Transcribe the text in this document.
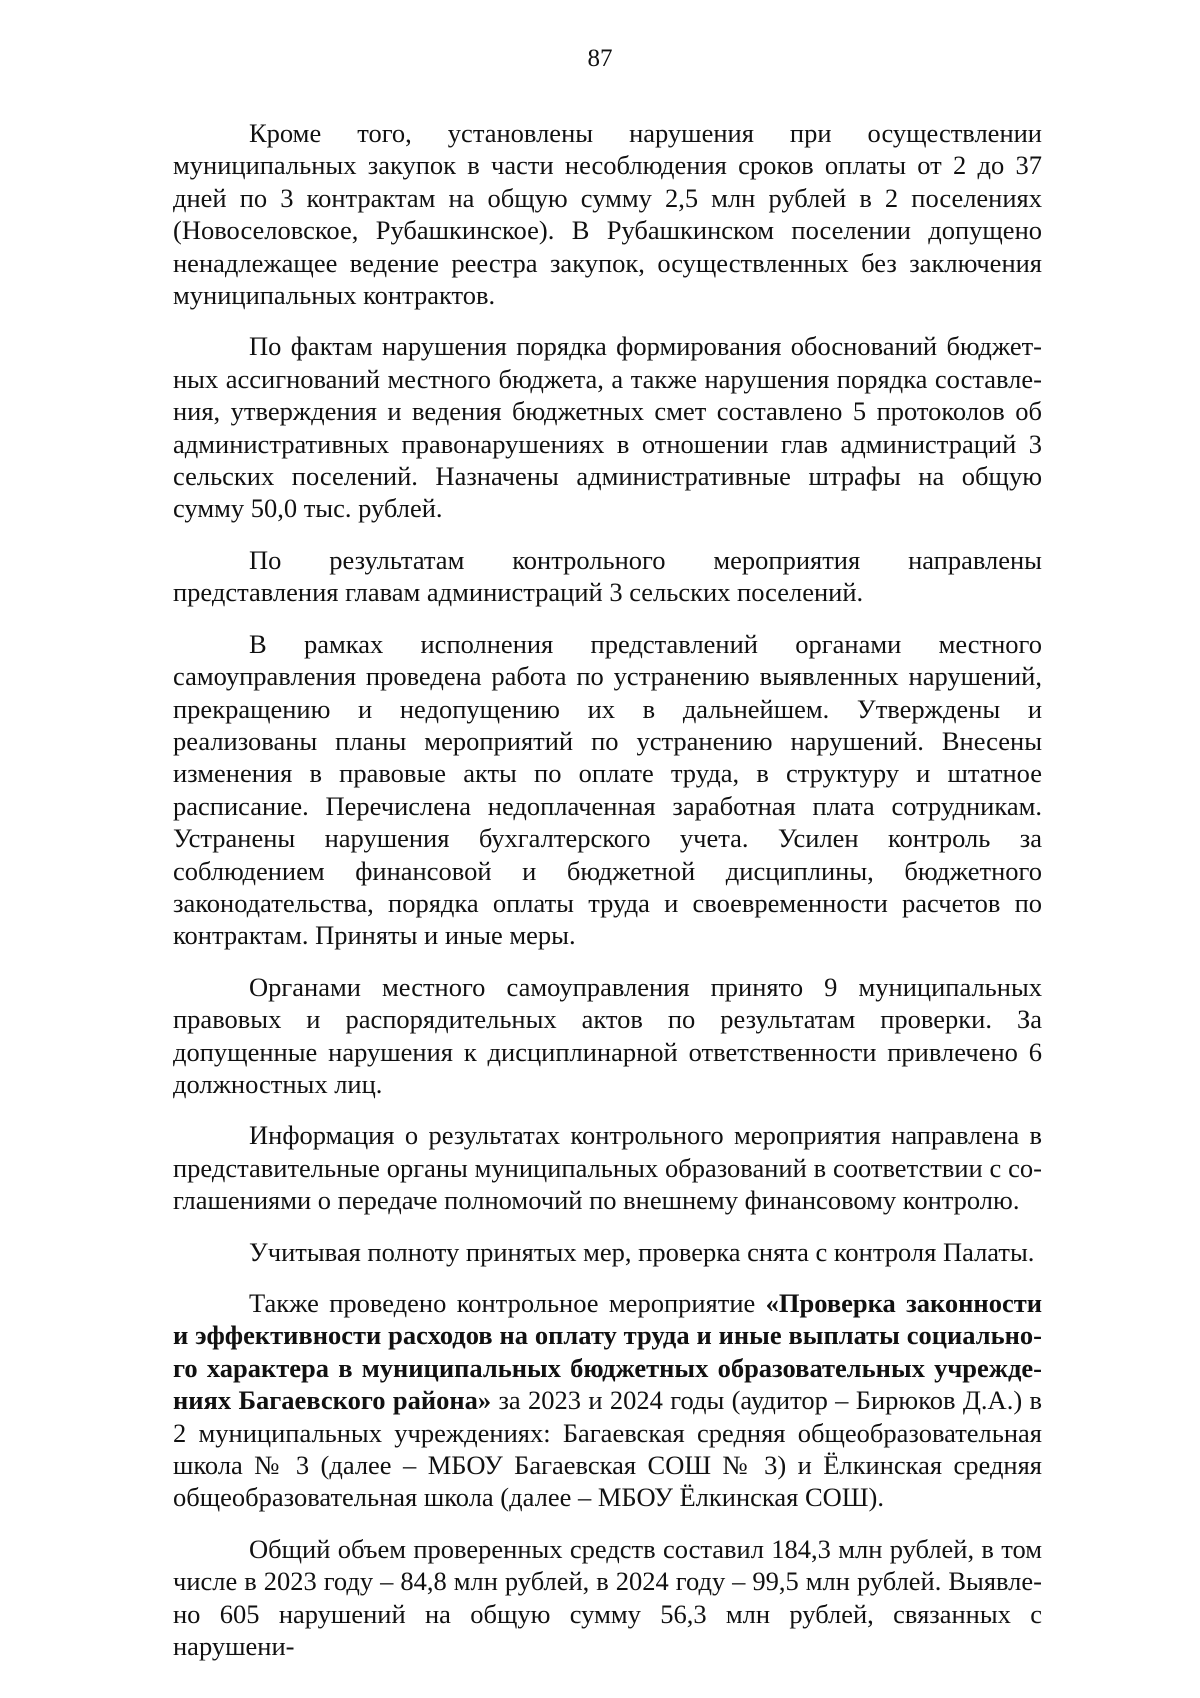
87

Кроме того, установлены нарушения при осуществлении муниципальных закупок в части несоблюдения сроков оплаты от 2 до 37 дней по 3 контрактам на общую сумму 2,5 млн рублей в 2 поселениях (Новоселовское, Рубашкинское). В Рубашкинском поселении допущено ненадлежащее ведение реестра закупок, осуществленных без заключения муниципальных контрактов.

По фактам нарушения порядка формирования обоснований бюджетных ассигнований местного бюджета, а также нарушения порядка составления, утверждения и ведения бюджетных смет составлено 5 протоколов об административных правонарушениях в отношении глав администраций 3 сельских поселений. Назначены административные штрафы на общую сумму 50,0 тыс. рублей.

По результатам контрольного мероприятия направлены представления главам администраций 3 сельских поселений.

В рамках исполнения представлений органами местного самоуправления проведена работа по устранению выявленных нарушений, прекращению и недопущению их в дальнейшем. Утверждены и реализованы планы мероприятий по устранению нарушений. Внесены изменения в правовые акты по оплате труда, в структуру и штатное расписание. Перечислена недоплаченная заработная плата сотрудникам. Устранены нарушения бухгалтерского учета. Усилен контроль за соблюдением финансовой и бюджетной дисциплины, бюджетного законодательства, порядка оплаты труда и своевременности расчетов по контрактам. Приняты и иные меры.

Органами местного самоуправления принято 9 муниципальных правовых и распорядительных актов по результатам проверки. За допущенные нарушения к дисциплинарной ответственности привлечено 6 должностных лиц.

Информация о результатах контрольного мероприятия направлена в представительные органы муниципальных образований в соответствии с соглашениями о передаче полномочий по внешнему финансовому контролю.

Учитывая полноту принятых мер, проверка снята с контроля Палаты.

Также проведено контрольное мероприятие «Проверка законности и эффективности расходов на оплату труда и иные выплаты социального характера в муниципальных бюджетных образовательных учреждениях Багаевского района» за 2023 и 2024 годы (аудитор – Бирюков Д.А.) в 2 муниципальных учреждениях: Багаевская средняя общеобразовательная школа № 3 (далее – МБОУ Багаевская СОШ № 3) и Ёлкинская средняя общеобразовательная школа (далее – МБОУ Ёлкинская СОШ).

Общий объем проверенных средств составил 184,3 млн рублей, в том числе в 2023 году – 84,8 млн рублей, в 2024 году – 99,5 млн рублей. Выявлено 605 нарушений на общую сумму 56,3 млн рублей, связанных с нарушени-
